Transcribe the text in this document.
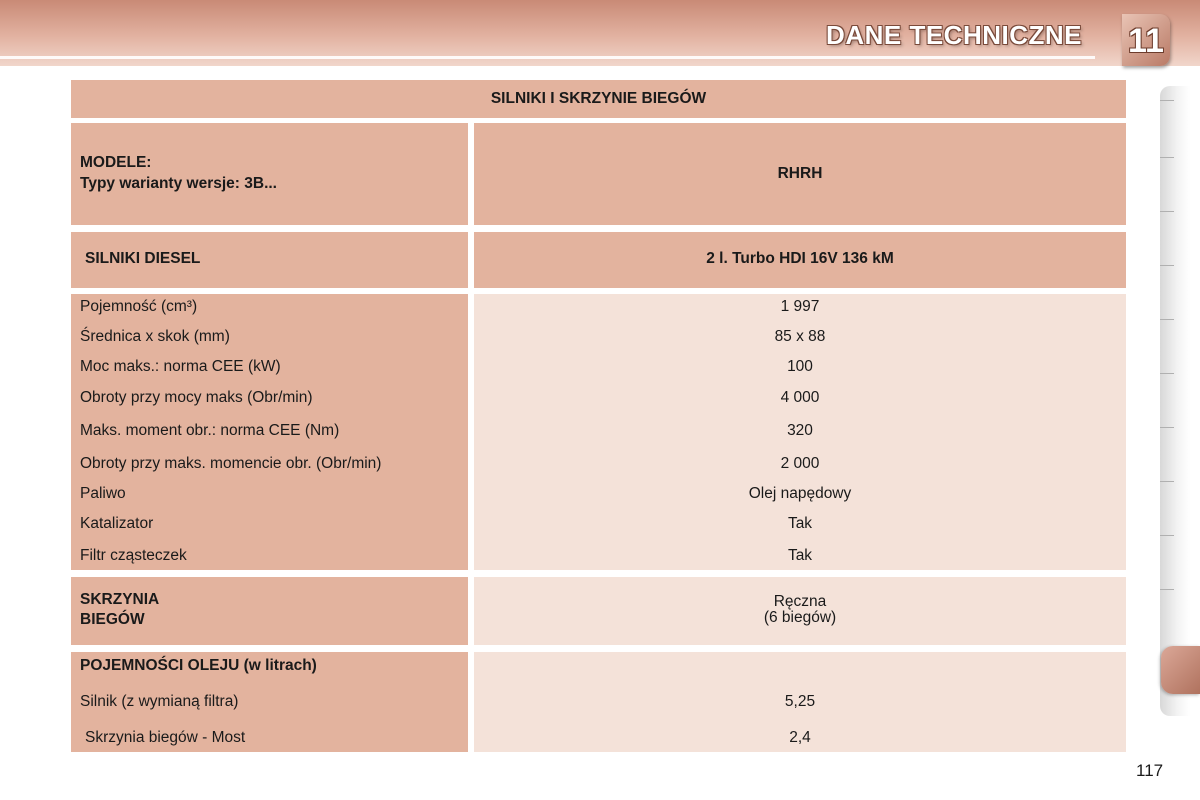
DANE TECHNICZNE 11
SILNIKI I SKRZYNIE BIEGÓW
MODELE:
Typy warianty wersje: 3B...
RHRH
SILNIKI DIESEL	2 l. Turbo HDI 16V 136 kM
Pojemność (cm³)
Średnica x skok (mm)
Moc maks.: norma CEE (kW)
Obroty przy mocy maks (Obr/min)
Maks. moment obr.: norma CEE (Nm)
Obroty przy maks. momencie obr. (Obr/min)
Paliwo
Katalizator
Filtr cząsteczek
1 997
85 x 88
100
4 000
320
2 000
Olej napędowy
Tak
Tak
SKRZYNIA
BIEGÓW
Ręczna
(6 biegów)
POJEMNOŚCI OLEJU (w litrach)
Silnik (z wymianą filtra)
Skrzynia biegów - Most
5,25
2,4
117
